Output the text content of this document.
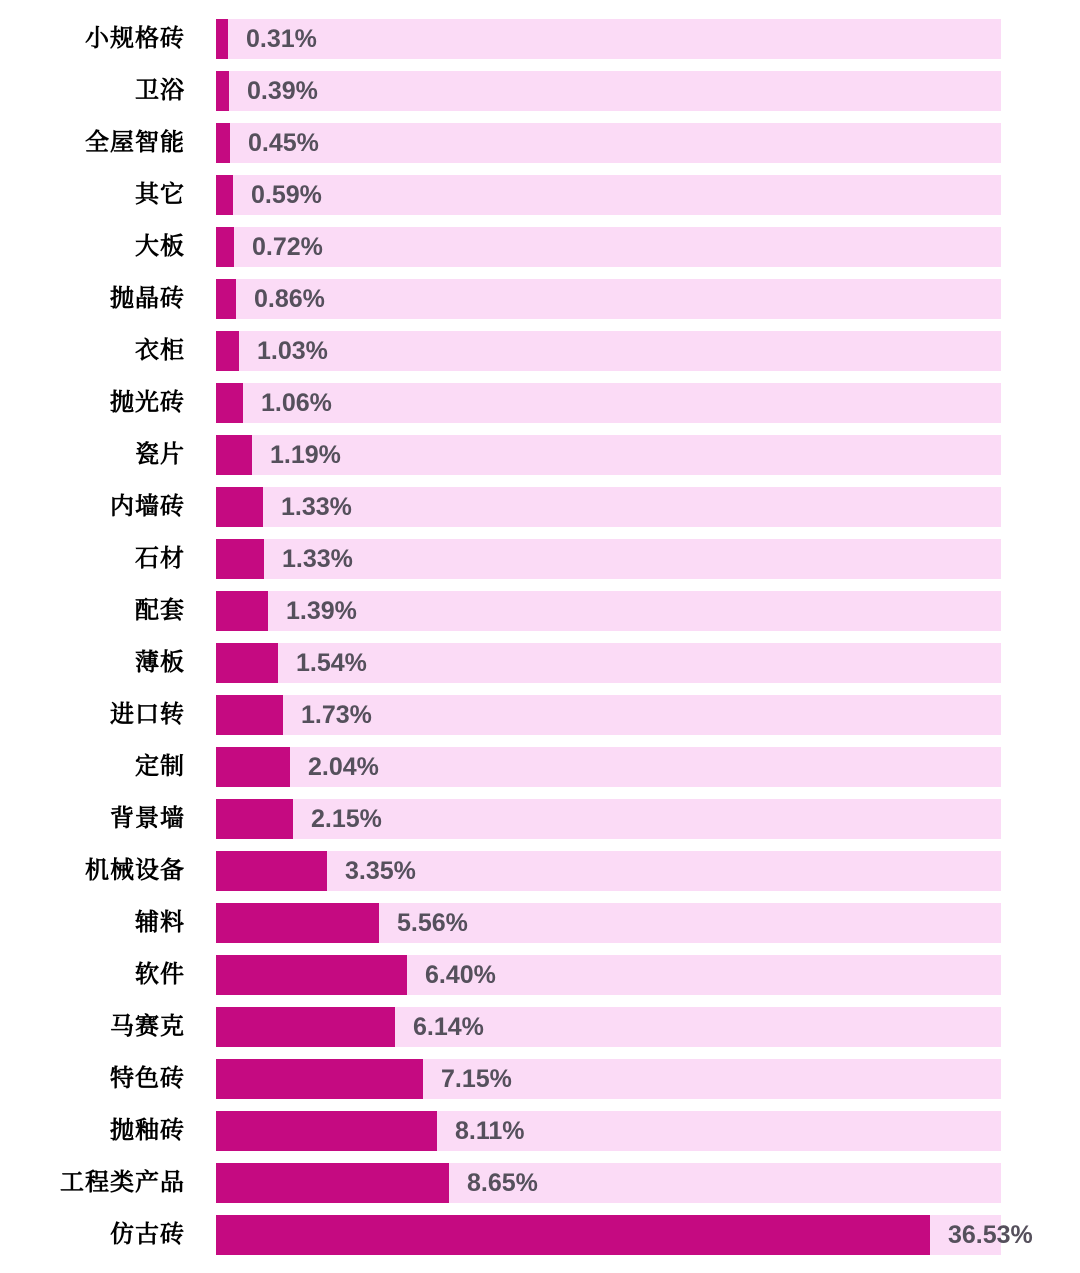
小规格砖 0.31%
卫浴 0.39%
全屋智能	0.45%
其它	0.59%
大板	0.72%
抛晶砖	0.86%
衣柜	1.03%
抛光砖	1.06%
瓷片	1.19%
内墙砖	1.33%
石材	1.33%
配套	1.39%
薄板	1.54%
进口转	1.73%
定制	2.04%
背景墙	2.15%
机械设备	3.35%
辅料	5.56%
软件	6.40%
马赛克	6.14%
特色砖	7.15%
抛釉砖	8.11%
工程类产品	8.65%
仿古砖	36.53%
